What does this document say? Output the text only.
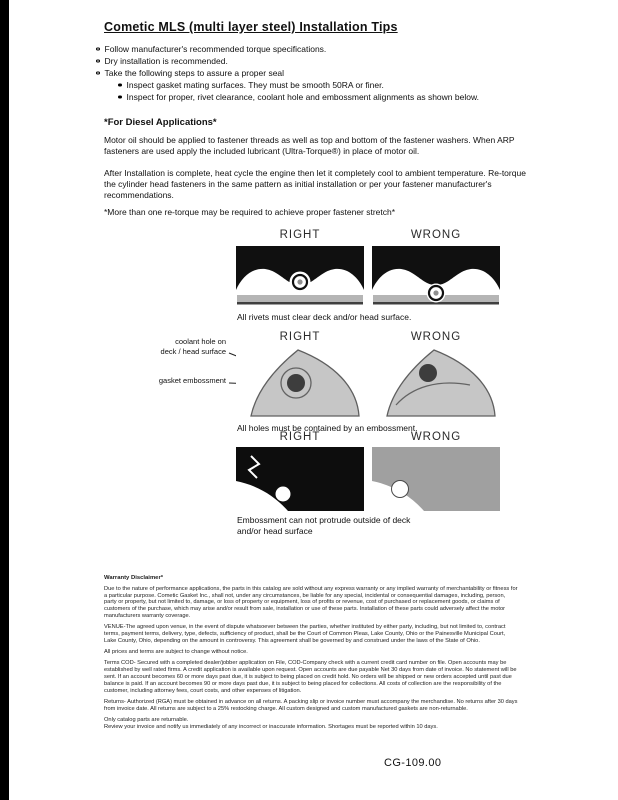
Cometic MLS (multi layer steel) Installation Tips
Follow manufacturer's recommended torque specifications.
Dry installation is recommended.
Take the following steps to assure a proper seal
Inspect gasket mating surfaces. They must be smooth 50RA or finer.
Inspect for proper, rivet clearance, coolant hole and embossment alignments as shown below.
*For Diesel Applications*
Motor oil should be applied to fastener threads as well as top and bottom of the fastener washers. When ARP fasteners are used apply the included lubricant (Ultra-Torque®) in place of motor oil.
After Installation is complete, heat cycle the engine then let it completely cool to ambient temperature. Re-torque the cylinder head fasteners in the same pattern as initial installation or per your fastener manufacturer's recommendations.
*More than one re-torque may be required to achieve proper fastener stretch*
RIGHT	WRONG
All rivets must clear deck and/or head surface.
RIGHT	WRONG
coolant hole on
deck / head surface
gasket embossment
All holes must be contained by an embossment.
RIGHT	WRONG
Embossment can not protrude outside of deck
and/or head surface
Warranty Disclaimer*

Due to the nature of performance applications, the parts in this catalog are sold without any express warranty or any implied warranty of merchantability or fitness for a particular purpose. Cometic Gasket Inc., shall not, under any circumstances, be liable for any special, incidental or consequential damages, including, person, party or property, but not limited to, damage, or loss of property or equipment, loss of profits or revenue, cost of purchased or replacement goods, or claims of customers of the purchase, which may arise and/or result from sale, installation or use of these parts. Installation of these parts could adversely affect the motor manufacturers warranty coverage.

VENUE-The agreed upon venue, in the event of dispute whatsoever between the parties, whether instituted by either party, including, but not limited to, contract terms, payment terms, delivery, type, defects, sufficiency of product, shall be the Court of Common Pleas, Lake County, Ohio or the Painesville Municipal Court, Lake County, Ohio, depending on the amount in controversy. This agreement shall be governed by and construed under the laws of the State of Ohio.

All prices and terms are subject to change without notice.

Terms COD- Secured with a completed dealer/jobber application on File, COD-Company check with a current credit card number on file. Open accounts may be established by well rated firms. A credit application is available upon request. Open accounts are due payable Net 30 days from date of invoice. No statement will be sent. If an account becomes 60 or more days past due, it is subject to being placed on credit hold. No orders will be shipped or new orders accepted until past due balance is paid. If an account becomes 90 or more days past due, it is subject to being placed for collections. All costs of collection are the responsibility of the customer, including attorney fees, court costs, and other expenses of litigation.

Returns- Authorized (RGA) must be obtained in advance on all returns. A packing slip or invoice number must accompany the merchandise. No returns after 30 days from invoice date. All returns are subject to a 25% restocking charge. All custom designed and custom manufactured gaskets are non-returnable.

Only catalog parts are returnable.

Review your invoice and notify us immediately of any incorrect or inaccurate information. Shortages must be reported within 10 days.

CG-109.00
